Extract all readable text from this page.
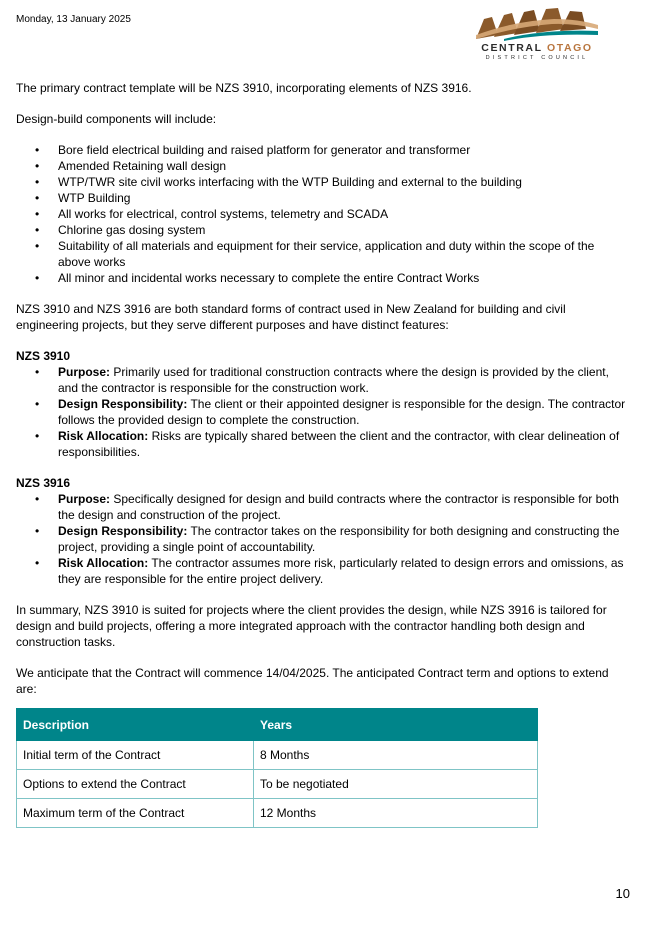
Monday, 13 January 2025
CENTRAL OTAGO
DISTRICT COUNCIL

The primary contract template will be NZS 3910, incorporating elements of NZS 3916.

Design-build components will include:

• Bore field electrical building and raised platform for generator and transformer
• Amended Retaining wall design
• WTP/TWR site civil works interfacing with the WTP Building and external to the building
• WTP Building
• All works for electrical, control systems, telemetry and SCADA
• Chlorine gas dosing system
• Suitability of all materials and equipment for their service, application and duty within the scope of the above works
• All minor and incidental works necessary to complete the entire Contract Works

NZS 3910 and NZS 3916 are both standard forms of contract used in New Zealand for building and civil engineering projects, but they serve different purposes and have distinct features:

NZS 3910
• Purpose: Primarily used for traditional construction contracts where the design is provided by the client, and the contractor is responsible for the construction work.
• Design Responsibility: The client or their appointed designer is responsible for the design. The contractor follows the provided design to complete the construction.
• Risk Allocation: Risks are typically shared between the client and the contractor, with clear delineation of responsibilities.
NZS 3916
• Purpose: Specifically designed for design and build contracts where the contractor is responsible for both the design and construction of the project.
• Design Responsibility: The contractor takes on the responsibility for both designing and constructing the project, providing a single point of accountability.
• Risk Allocation: The contractor assumes more risk, particularly related to design errors and omissions, as they are responsible for the entire project delivery.

In summary, NZS 3910 is suited for projects where the client provides the design, while NZS 3916 is tailored for design and build projects, offering a more integrated approach with the contractor handling both design and construction tasks.

We anticipate that the Contract will commence 14/04/2025. The anticipated Contract term and options to extend are:

Description	Years
Initial term of the Contract	8 Months
Options to extend the Contract	To be negotiated
Maximum term of the Contract	12 Months
10
